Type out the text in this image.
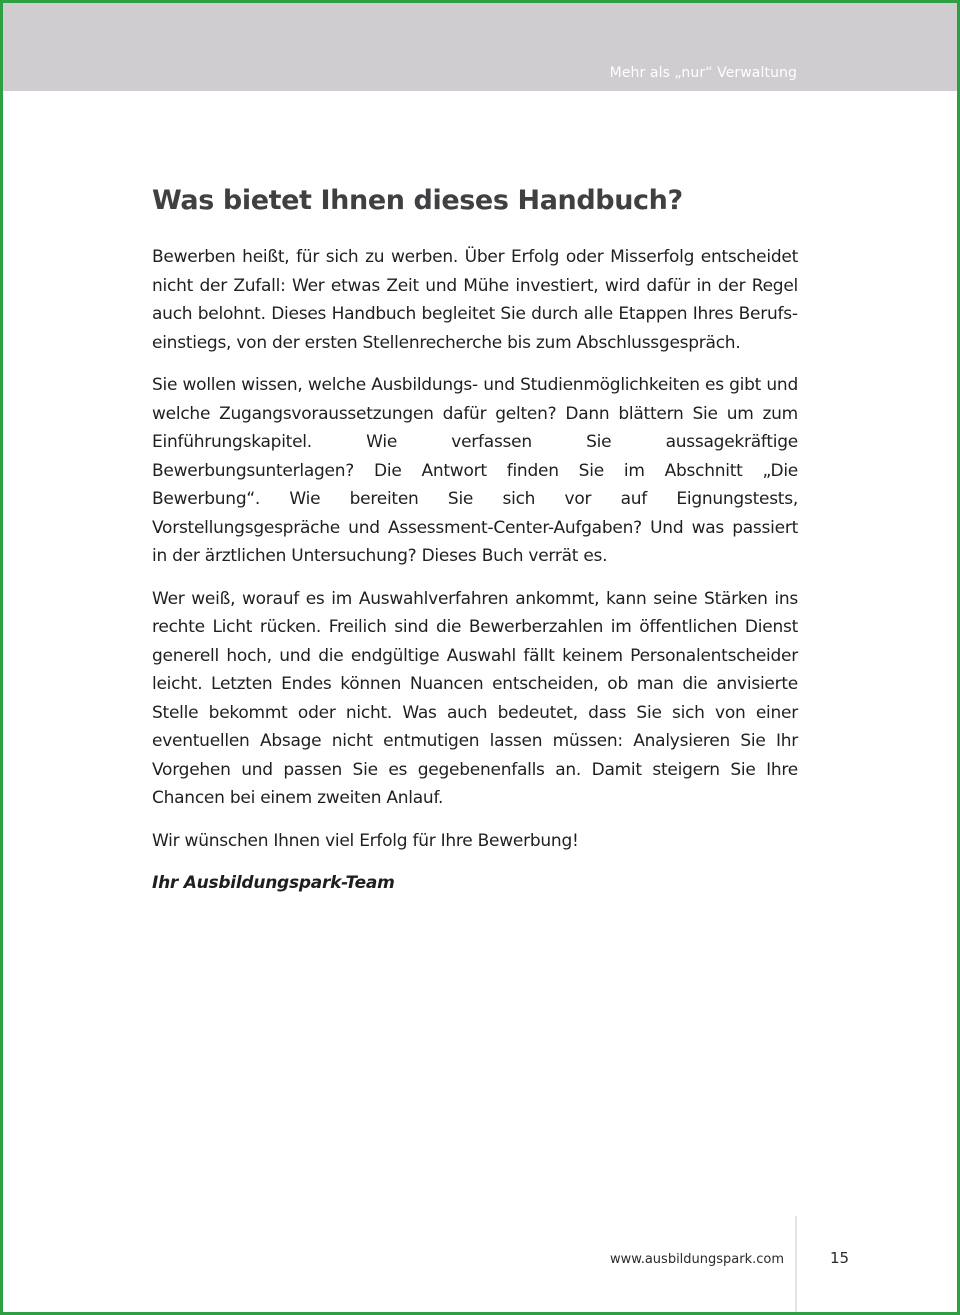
Mehr als „nur“ Verwaltung
Was bietet Ihnen dieses Handbuch?

Bewerben heißt, für sich zu werben. Über Erfolg oder Misserfolg entscheidet nicht der Zufall: Wer etwas Zeit und Mühe investiert, wird dafür in der Regel auch belohnt. Dieses Handbuch begleitet Sie durch alle Etappen Ihres Berufseinstiegs, von der ersten Stellenrecherche bis zum Abschlussgespräch.

Sie wollen wissen, welche Ausbildungs- und Studienmöglichkeiten es gibt und welche Zugangsvoraussetzungen dafür gelten? Dann blättern Sie um zum Einführungskapitel. Wie verfassen Sie aussagekräftige Bewerbungsunterlagen? Die Antwort finden Sie im Abschnitt „Die Bewerbung“. Wie bereiten Sie sich vor auf Eignungstests, Vorstellungsgespräche und Assessment-Center-Aufgaben? Und was passiert in der ärztlichen Untersuchung? Dieses Buch verrät es.

Wer weiß, worauf es im Auswahlverfahren ankommt, kann seine Stärken ins rechte Licht rücken. Freilich sind die Bewerberzahlen im öffentlichen Dienst generell hoch, und die endgültige Auswahl fällt keinem Personalentscheider leicht. Letzten Endes können Nuancen entscheiden, ob man die anvisierte Stelle bekommt oder nicht. Was auch bedeutet, dass Sie sich von einer eventuellen Absage nicht entmutigen lassen müssen: Analysieren Sie Ihr Vorgehen und passen Sie es gegebenenfalls an. Damit steigern Sie Ihre Chancen bei einem zweiten Anlauf.

Wir wünschen Ihnen viel Erfolg für Ihre Bewerbung!

Ihr Ausbildungspark-Team

www.ausbildungspark.com	15
